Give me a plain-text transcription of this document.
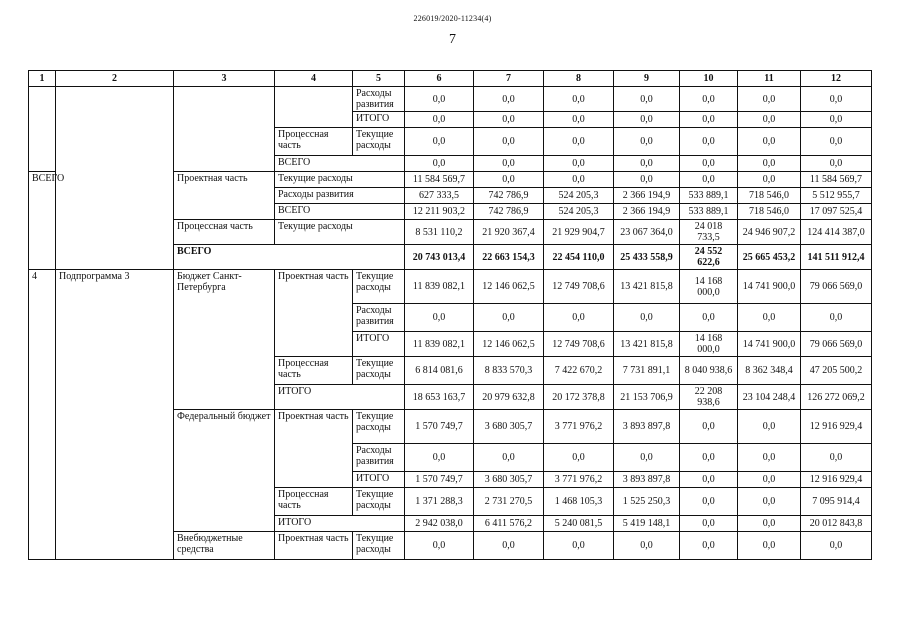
226019/2020-11234(4)
7
1	2	3	4	5	6	7	8	9	10	11	12
				Расходы развития	0,0	0,0	0,0	0,0	0,0	0,0	0,0
				ИТОГО	0,0	0,0	0,0	0,0	0,0	0,0	0,0
			Процессная часть	Текущие расходы	0,0	0,0	0,0	0,0	0,0	0,0	0,0
			ВСЕГО		0,0	0,0	0,0	0,0	0,0	0,0	0,0
ВСЕГО		Проектная часть	Текущие расходы		11 584 569,7	0,0	0,0	0,0	0,0	0,0	11 584 569,7
			Расходы развития		627 333,5	742 786,9	524 205,3	2 366 194,9	533 889,1	718 546,0	5 512 955,7
			ВСЕГО		12 211 903,2	742 786,9	524 205,3	2 366 194,9	533 889,1	718 546,0	17 097 525,4
		Процессная часть	Текущие расходы		8 531 110,2	21 920 367,4	21 929 904,7	23 067 364,0	24 018 733,5	24 946 907,2	124 414 387,0
		ВСЕГО			20 743 013,4	22 663 154,3	22 454 110,0	25 433 558,9	24 552 622,6	25 665 453,2	141 511 912,4
4	Подпрограмма 3	Бюджет Санкт-Петербурга	Проектная часть	Текущие расходы	11 839 082,1	12 146 062,5	12 749 708,6	13 421 815,8	14 168 000,0	14 741 900,0	79 066 569,0
				Расходы развития	0,0	0,0	0,0	0,0	0,0	0,0	0,0
				ИТОГО	11 839 082,1	12 146 062,5	12 749 708,6	13 421 815,8	14 168 000,0	14 741 900,0	79 066 569,0
			Процессная часть	Текущие расходы	6 814 081,6	8 833 570,3	7 422 670,2	7 731 891,1	8 040 938,6	8 362 348,4	47 205 500,2
			ИТОГО		18 653 163,7	20 979 632,8	20 172 378,8	21 153 706,9	22 208 938,6	23 104 248,4	126 272 069,2
		Федеральный бюджет	Проектная часть	Текущие расходы	1 570 749,7	3 680 305,7	3 771 976,2	3 893 897,8	0,0	0,0	12 916 929,4
				Расходы развития	0,0	0,0	0,0	0,0	0,0	0,0	0,0
				ИТОГО	1 570 749,7	3 680 305,7	3 771 976,2	3 893 897,8	0,0	0,0	12 916 929,4
			Процессная часть	Текущие расходы	1 371 288,3	2 731 270,5	1 468 105,3	1 525 250,3	0,0	0,0	7 095 914,4
			ИТОГО		2 942 038,0	6 411 576,2	5 240 081,5	5 419 148,1	0,0	0,0	20 012 843,8
		Внебюджетные средства	Проектная часть	Текущие расходы	0,0	0,0	0,0	0,0	0,0	0,0	0,0
